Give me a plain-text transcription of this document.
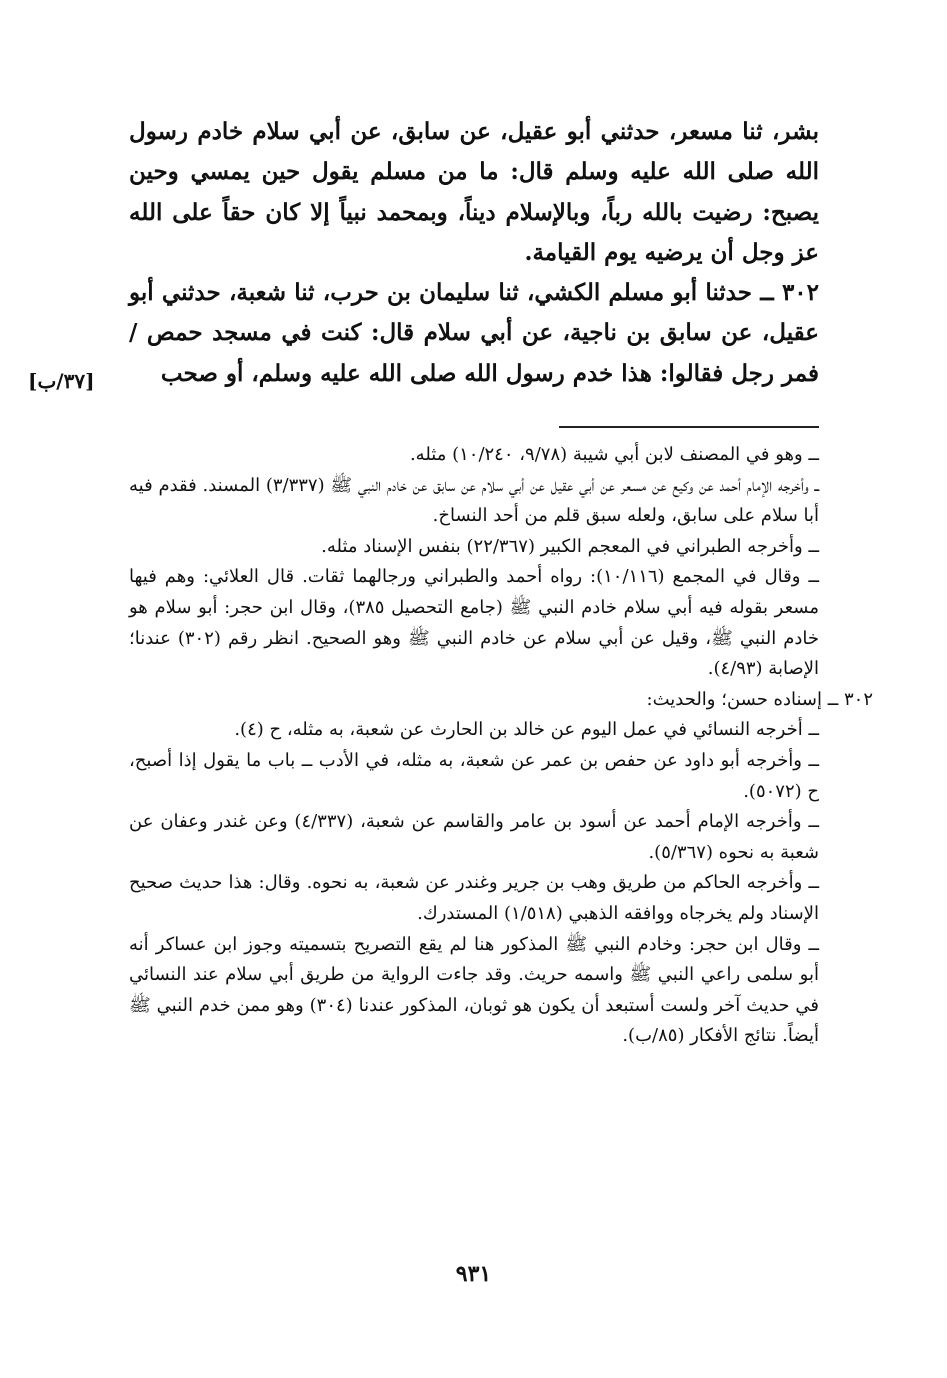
بشر، ثنا مسعر، حدثني أبو عقيل، عن سابق، عن أبي سلام خادم رسول الله صلى الله عليه وسلم قال: ما من مسلم يقول حين يمسي وحين يصبح: رضيت بالله رباً، وبالإسلام ديناً، وبمحمد نبياً إلا كان حقاً على الله عز وجل أن يرضيه يوم القيامة.

٣٠٢ ــ حدثنا أبو مسلم الكشي، ثنا سليمان بن حرب، ثنا شعبة، حدثني أبو عقيل، عن سابق بن ناجية، عن أبي سلام قال: كنت في مسجد حمص / فمر رجل فقالوا: هذا خدم رسول الله صلى الله عليه وسلم، أو صحب

[٣٧/ب]

ــ وهو في المصنف لابن أبي شيبة (٩/٧٨، ١٠/٢٤٠) مثله.

ــ وأخرجه الإمام أحمد عن وكيع عن مسعر عن أبي عقيل عن أبي سلام عن سابق عن خادم النبي ﷺ (٣/٣٣٧) المسند. فقدم فيه أبا سلام على سابق، ولعله سبق قلم من أحد النساخ.

ــ وأخرجه الطبراني في المعجم الكبير (٢٢/٣٦٧) بنفس الإسناد مثله.

ــ وقال في المجمع (١٠/١١٦): رواه أحمد والطبراني ورجالهما ثقات. قال العلائي: وهم فيها مسعر بقوله فيه أبي سلام خادم النبي ﷺ (جامع التحصيل ٣٨٥)، وقال ابن حجر: أبو سلام هو خادم النبي ﷺ، وقيل عن أبي سلام عن خادم النبي ﷺ وهو الصحيح. انظر رقم (٣٠٢) عندنا؛ الإصابة (٤/٩٣).

٣٠٢ ــ إسناده حسن؛ والحديث:

ــ أخرجه النسائي في عمل اليوم عن خالد بن الحارث عن شعبة، به مثله، ح (٤).

ــ وأخرجه أبو داود عن حفص بن عمر عن شعبة، به مثله، في الأدب ــ باب ما يقول إذا أصبح، ح (٥٠٧٢).

ــ وأخرجه الإمام أحمد عن أسود بن عامر والقاسم عن شعبة، (٤/٣٣٧) وعن غندر وعفان عن شعبة به نحوه (٥/٣٦٧).

ــ وأخرجه الحاكم من طريق وهب بن جرير وغندر عن شعبة، به نحوه. وقال: هذا حديث صحيح الإسناد ولم يخرجاه ووافقه الذهبي (١/٥١٨) المستدرك.

ــ وقال ابن حجر: وخادم النبي ﷺ المذكور هنا لم يقع التصريح بتسميته وجوز ابن عساكر أنه أبو سلمى راعي النبي ﷺ واسمه حريث. وقد جاءت الرواية من طريق أبي سلام عند النسائي في حديث آخر ولست أستبعد أن يكون هو ثوبان، المذكور عندنا (٣٠٤) وهو ممن خدم النبي ﷺ أيضاً. نتائج الأفكار (٨٥/ب).

٩٣١
